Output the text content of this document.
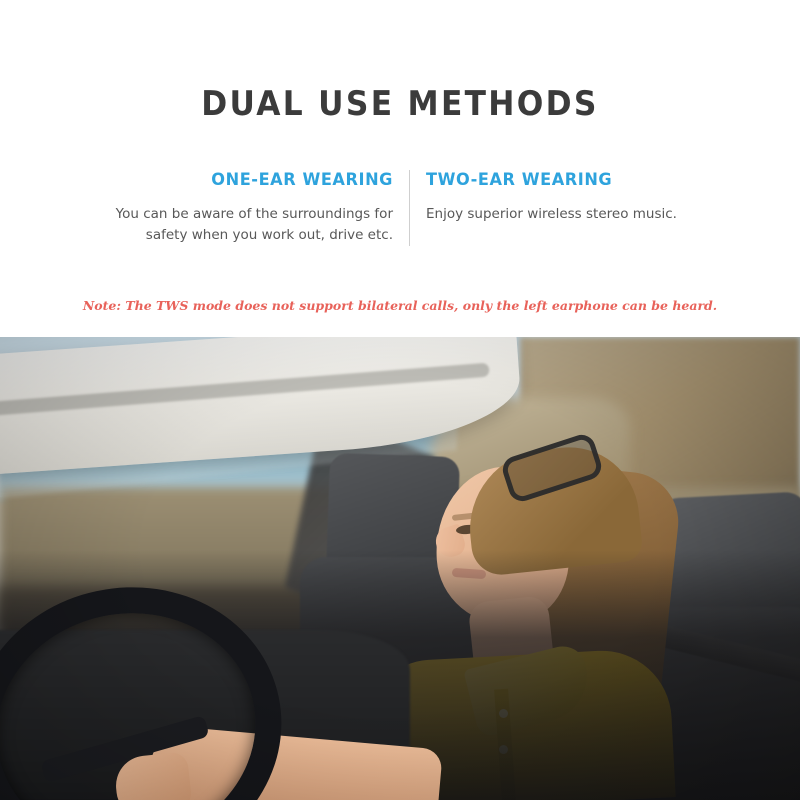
DUAL USE METHODS
ONE-EAR WEARING
You can be aware of the surroundings for safety when you work out, drive etc.
TWO-EAR WEARING
Enjoy superior wireless stereo music.
Note: The TWS mode does not support bilateral calls, only the left earphone can be heard.
